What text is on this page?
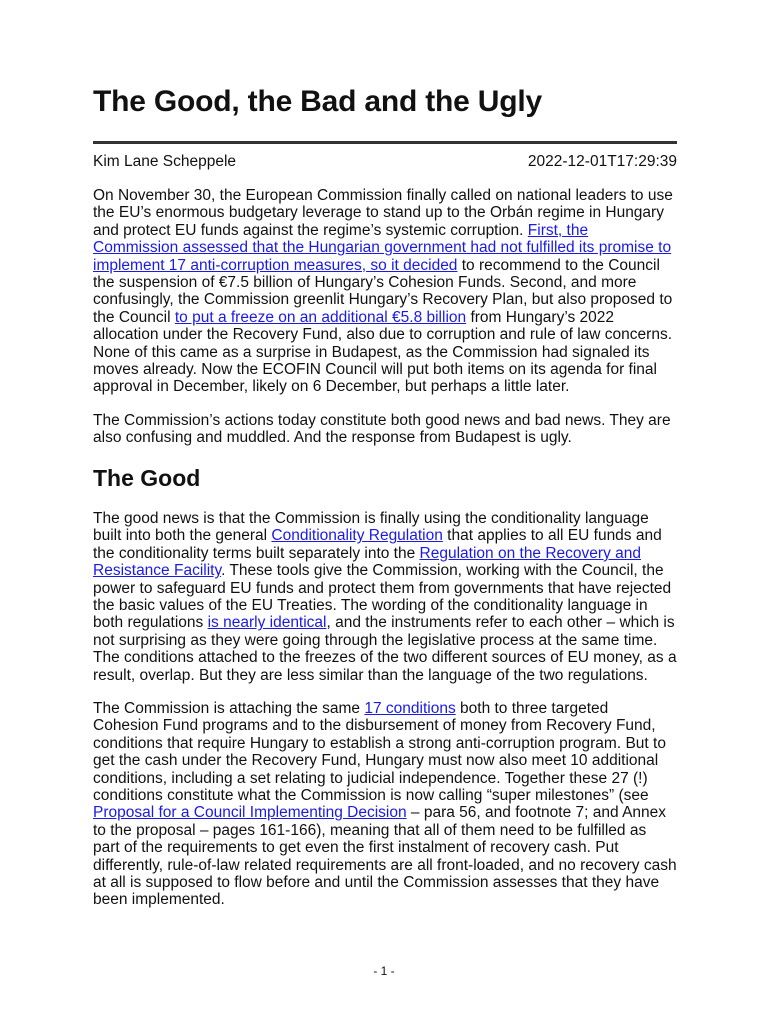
The Good, the Bad and the Ugly
Kim Lane Scheppele	2022-12-01T17:29:39

On November 30, the European Commission finally called on national leaders to use the EU’s enormous budgetary leverage to stand up to the Orbán regime in Hungary and protect EU funds against the regime’s systemic corruption. First, the Commission assessed that the Hungarian government had not fulfilled its promise to implement 17 anti-corruption measures, so it decided to recommend to the Council the suspension of €7.5 billion of Hungary’s Cohesion Funds. Second, and more confusingly, the Commission greenlit Hungary’s Recovery Plan, but also proposed to the Council to put a freeze on an additional €5.8 billion from Hungary’s 2022 allocation under the Recovery Fund, also due to corruption and rule of law concerns. None of this came as a surprise in Budapest, as the Commission had signaled its moves already. Now the ECOFIN Council will put both items on its agenda for final approval in December, likely on 6 December, but perhaps a little later.

The Commission’s actions today constitute both good news and bad news. They are also confusing and muddled. And the response from Budapest is ugly.

The Good

The good news is that the Commission is finally using the conditionality language built into both the general Conditionality Regulation that applies to all EU funds and the conditionality terms built separately into the Regulation on the Recovery and Resistance Facility. These tools give the Commission, working with the Council, the power to safeguard EU funds and protect them from governments that have rejected the basic values of the EU Treaties. The wording of the conditionality language in both regulations is nearly identical, and the instruments refer to each other – which is not surprising as they were going through the legislative process at the same time. The conditions attached to the freezes of the two different sources of EU money, as a result, overlap. But they are less similar than the language of the two regulations.

The Commission is attaching the same 17 conditions both to three targeted Cohesion Fund programs and to the disbursement of money from Recovery Fund, conditions that require Hungary to establish a strong anti-corruption program. But to get the cash under the Recovery Fund, Hungary must now also meet 10 additional conditions, including a set relating to judicial independence. Together these 27 (!) conditions constitute what the Commission is now calling “super milestones” (see Proposal for a Council Implementing Decision – para 56, and footnote 7; and Annex to the proposal – pages 161-166), meaning that all of them need to be fulfilled as part of the requirements to get even the first instalment of recovery cash. Put differently, rule-of-law related requirements are all front-loaded, and no recovery cash at all is supposed to flow before and until the Commission assesses that they have been implemented.

- 1 -
